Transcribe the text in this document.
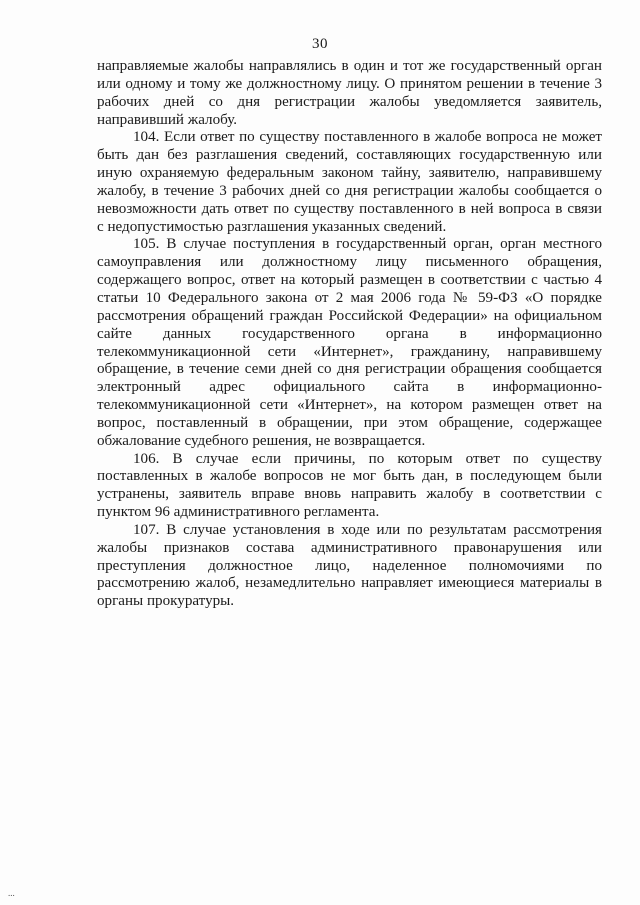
30
направляемые жалобы направлялись в один и тот же государственный орган
или одному и тому же должностному лицу. О принятом решении в течение 3
рабочих дней со дня регистрации жалобы уведомляется заявитель,
направивший жалобу.
104. Если ответ по существу поставленного в жалобе вопроса не может
быть дан без разглашения сведений, составляющих государственную или
иную охраняемую федеральным законом тайну, заявителю, направившему
жалобу, в течение 3 рабочих дней со дня регистрации жалобы сообщается о
невозможности дать ответ по существу поставленного в ней вопроса в связи
с недопустимостью разглашения указанных сведений.
105. В случае поступления в государственный орган, орган местного
самоуправления или должностному лицу письменного обращения,
содержащего вопрос, ответ на который размещен в соответствии с частью 4
статьи 10 Федерального закона от 2 мая 2006 года № 59-ФЗ «О порядке
рассмотрения обращений граждан Российской Федерации» на официальном
сайте данных государственного органа в информационно
телекоммуникационной сети «Интернет», гражданину, направившему
обращение, в течение семи дней со дня регистрации обращения сообщается
электронный адрес официального сайта в информационно-
телекоммуникационной сети «Интернет», на котором размещен ответ на
вопрос, поставленный в обращении, при этом обращение, содержащее
обжалование судебного решения, не возвращается.
106. В случае если причины, по которым ответ по существу
поставленных в жалобе вопросов не мог быть дан, в последующем были
устранены, заявитель вправе вновь направить жалобу в соответствии с
пунктом 96 административного регламента.
107. В случае установления в ходе или по результатам рассмотрения
жалобы признаков состава административного правонарушения или
преступления должностное лицо, наделенное полномочиями по
рассмотрению жалоб, незамедлительно направляет имеющиеся материалы в
органы прокуратуры.
...
